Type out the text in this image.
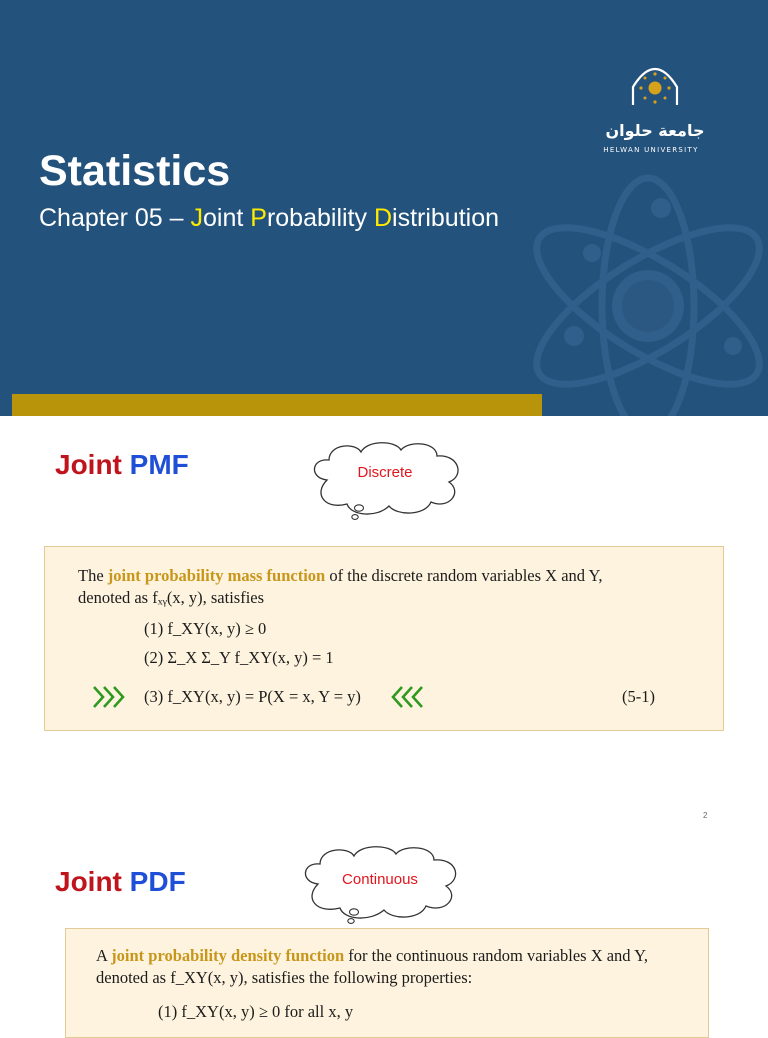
جامعة حلوان
HELWAN UNIVERSITY
Statistics
Chapter 05 – Joint Probability Distribution
Joint PMF	Discrete
The joint probability mass function of the discrete random variables X and Y,
denoted as fₓᵧ(x, y), satisfies
(1) f_XY(x, y) ≥ 0
(2) Σ_X Σ_Y f_XY(x, y) = 1
(3) f_XY(x, y) = P(X = x, Y = y)	(5-1)
2
Joint PDF	Continuous
A joint probability density function for the continuous random variables X and Y,
denoted as f_XY(x, y), satisfies the following properties:
(1) f_XY(x, y) ≥ 0 for all x, y
